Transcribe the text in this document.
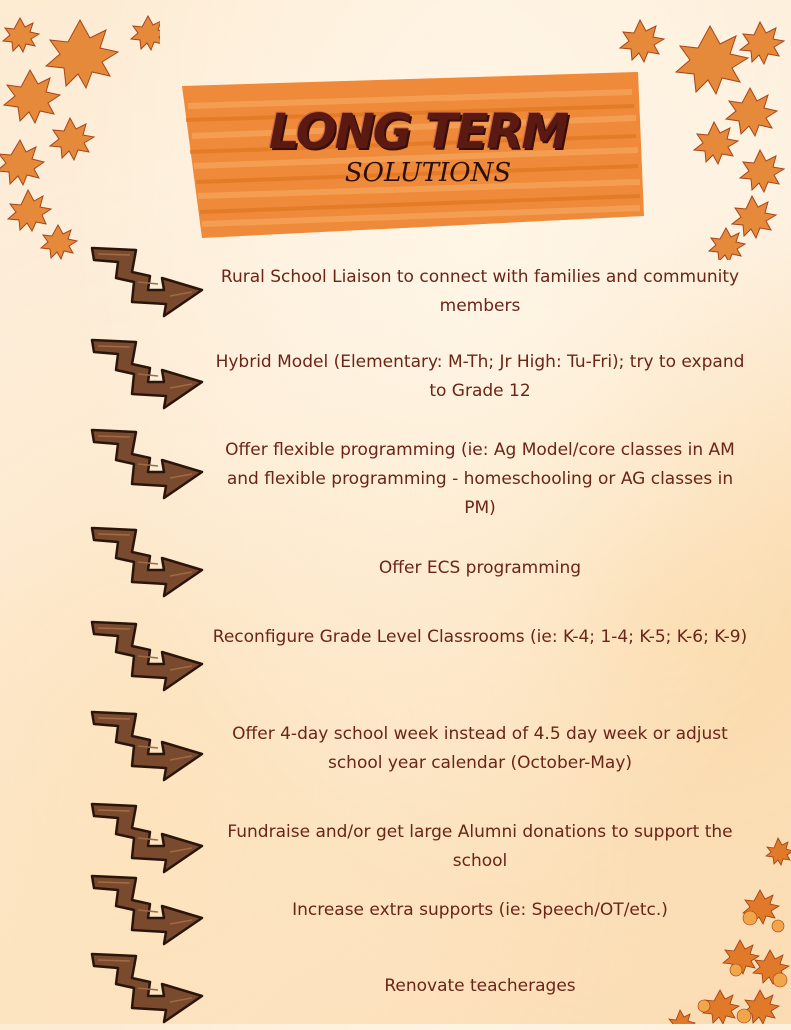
LONG TERM
SOLUTIONS
Rural School Liaison to connect with families and community members
Hybrid Model (Elementary: M-Th; Jr High: Tu-Fri); try to expand to Grade 12
Offer flexible programming (ie: Ag Model/core classes in AM and flexible programming - homeschooling or AG classes in PM)
Offer ECS programming
Reconfigure Grade Level Classrooms (ie: K-4; 1-4; K-5; K-6; K-9)
Offer 4-day school week instead of 4.5 day week or adjust school year calendar (October-May)
Fundraise and/or get large Alumni donations to support the school
Increase extra supports (ie: Speech/OT/etc.)
Renovate teacherages
